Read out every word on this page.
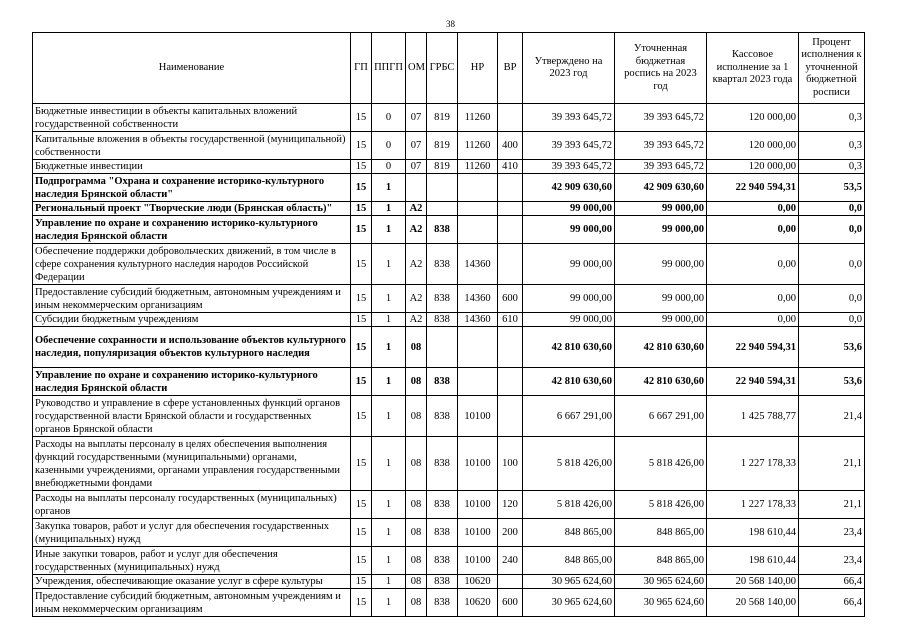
38
Наименование	ГП	ППГП	ОМ	ГРБС	НР	ВР	Утверждено на 2023 год	Уточненная бюджетная роспись на 2023 год	Кассовое исполнение за 1 квартал 2023 года	Процент исполнения к уточненной бюджетной росписи
Бюджетные инвестиции в объекты капитальных вложений государственной собственности	15	0	07	819	11260		39 393 645,72	39 393 645,72	120 000,00	0,3
Капитальные вложения в объекты государственной (муниципальной) собственности	15	0	07	819	11260	400	39 393 645,72	39 393 645,72	120 000,00	0,3
Бюджетные инвестиции	15	0	07	819	11260	410	39 393 645,72	39 393 645,72	120 000,00	0,3
Подпрограмма "Охрана и сохранение историко-культурного наследия Брянской области"	15	1					42 909 630,60	42 909 630,60	22 940 594,31	53,5
Региональный проект "Творческие люди (Брянская область)"	15	1	A2				99 000,00	99 000,00	0,00	0,0
Управление по охране и сохранению историко-культурного наследия Брянской области	15	1	A2	838			99 000,00	99 000,00	0,00	0,0
Обеспечение поддержки добровольческих движений, в том числе в сфере сохранения культурного наследия народов Российской Федерации	15	1	A2	838	14360		99 000,00	99 000,00	0,00	0,0
Предоставление субсидий бюджетным, автономным учреждениям и иным некоммерческим организациям	15	1	A2	838	14360	600	99 000,00	99 000,00	0,00	0,0
Субсидии бюджетным учреждениям	15	1	A2	838	14360	610	99 000,00	99 000,00	0,00	0,0
Обеспечение сохранности и использование объектов культурного наследия, популяризация объектов культурного наследия	15	1	08				42 810 630,60	42 810 630,60	22 940 594,31	53,6
Управление по охране и сохранению историко-культурного наследия Брянской области	15	1	08	838			42 810 630,60	42 810 630,60	22 940 594,31	53,6
Руководство и управление в сфере установленных функций органов государственной власти Брянской области и государственных органов Брянской области	15	1	08	838	10100		6 667 291,00	6 667 291,00	1 425 788,77	21,4
Расходы на выплаты персоналу в целях обеспечения выполнения функций государственными (муниципальными) органами, казенными учреждениями, органами управления государственными внебюджетными фондами	15	1	08	838	10100	100	5 818 426,00	5 818 426,00	1 227 178,33	21,1
Расходы на выплаты персоналу государственных (муниципальных) органов	15	1	08	838	10100	120	5 818 426,00	5 818 426,00	1 227 178,33	21,1
Закупка товаров, работ и услуг для обеспечения государственных (муниципальных) нужд	15	1	08	838	10100	200	848 865,00	848 865,00	198 610,44	23,4
Иные закупки товаров, работ и услуг для обеспечения государственных (муниципальных) нужд	15	1	08	838	10100	240	848 865,00	848 865,00	198 610,44	23,4
Учреждения, обеспечивающие оказание услуг в сфере культуры	15	1	08	838	10620		30 965 624,60	30 965 624,60	20 568 140,00	66,4
Предоставление субсидий бюджетным, автономным учреждениям и иным некоммерческим организациям	15	1	08	838	10620	600	30 965 624,60	30 965 624,60	20 568 140,00	66,4
